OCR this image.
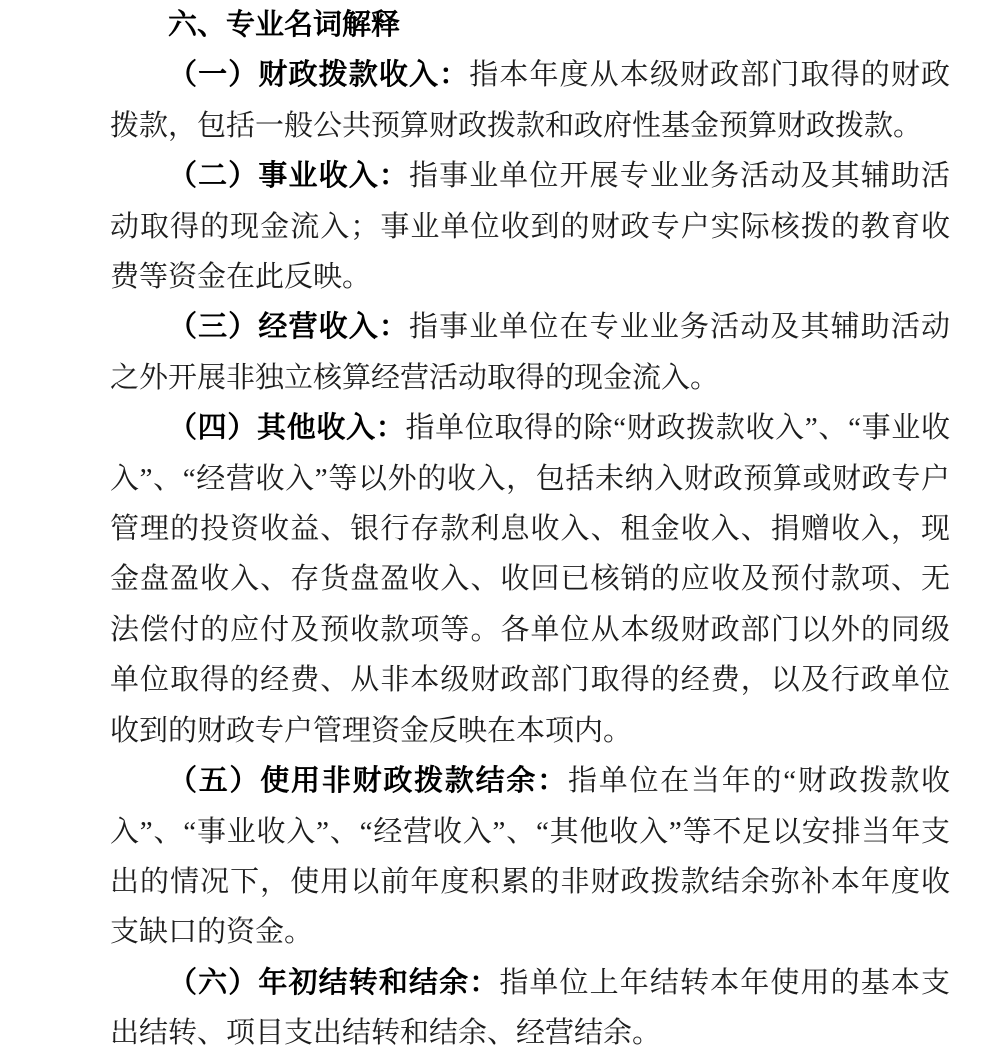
六、专业名词解释

（一）财政拨款收入：指本年度从本级财政部门取得的财政拨款，包括一般公共预算财政拨款和政府性基金预算财政拨款。

（二）事业收入：指事业单位开展专业业务活动及其辅助活动取得的现金流入；事业单位收到的财政专户实际核拨的教育收费等资金在此反映。

（三）经营收入：指事业单位在专业业务活动及其辅助活动之外开展非独立核算经营活动取得的现金流入。

（四）其他收入：指单位取得的除“财政拨款收入”、“事业收入”、“经营收入”等以外的收入，包括未纳入财政预算或财政专户管理的投资收益、银行存款利息收入、租金收入、捐赠收入，现金盘盈收入、存货盘盈收入、收回已核销的应收及预付款项、无法偿付的应付及预收款项等。各单位从本级财政部门以外的同级单位取得的经费、从非本级财政部门取得的经费，以及行政单位收到的财政专户管理资金反映在本项内。

（五）使用非财政拨款结余：指单位在当年的“财政拨款收入”、“事业收入”、“经营收入”、“其他收入”等不足以安排当年支出的情况下，使用以前年度积累的非财政拨款结余弥补本年度收支缺口的资金。

（六）年初结转和结余：指单位上年结转本年使用的基本支出结转、项目支出结转和结余、经营结余。
